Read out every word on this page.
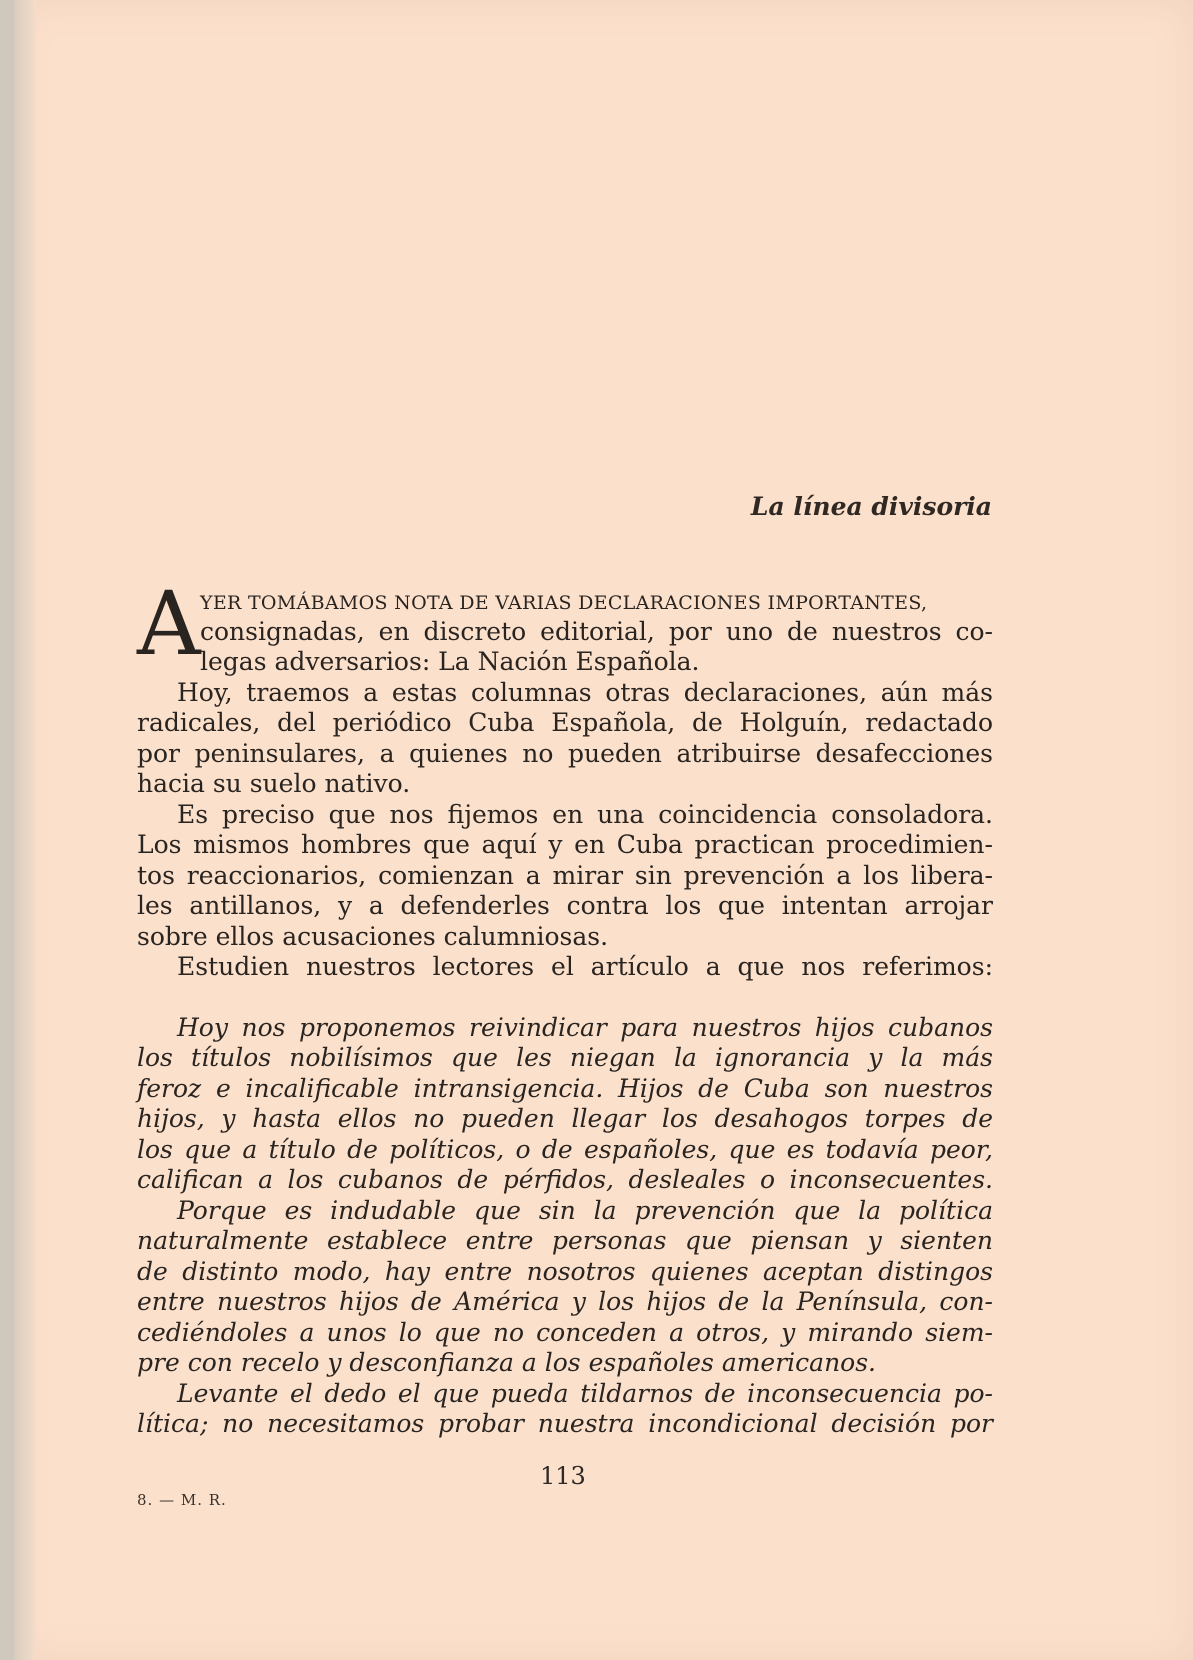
La línea divisoria
A YER TOMÁBAMOS NOTA DE VARIAS DECLARACIONES IMPORTANTES,
consignadas, en discreto editorial, por uno de nuestros co-
legas adversarios: La Nación Española.
Hoy, traemos a estas columnas otras declaraciones, aún más
radicales, del periódico Cuba Española, de Holguín, redactado
por peninsulares, a quienes no pueden atribuirse desafecciones
hacia su suelo nativo.
Es preciso que nos fijemos en una coincidencia consoladora.
Los mismos hombres que aquí y en Cuba practican procedimien-
tos reaccionarios, comienzan a mirar sin prevención a los libera-
les antillanos, y a defenderles contra los que intentan arrojar
sobre ellos acusaciones calumniosas.
Estudien nuestros lectores el artículo a que nos referimos:
Hoy nos proponemos reivindicar para nuestros hijos cubanos
los títulos nobilísimos que les niegan la ignorancia y la más
feroz e incalificable intransigencia. Hijos de Cuba son nuestros
hijos, y hasta ellos no pueden llegar los desahogos torpes de
los que a título de políticos, o de españoles, que es todavía peor,
califican a los cubanos de pérfidos, desleales o inconsecuentes.
Porque es indudable que sin la prevención que la política
naturalmente establece entre personas que piensan y sienten
de distinto modo, hay entre nosotros quienes aceptan distingos
entre nuestros hijos de América y los hijos de la Península, con-
cediéndoles a unos lo que no conceden a otros, y mirando siem-
pre con recelo y desconfianza a los españoles americanos.
Levante el dedo el que pueda tildarnos de inconsecuencia po-
lítica; no necesitamos probar nuestra incondicional decisión por
113
8. — M. R.
